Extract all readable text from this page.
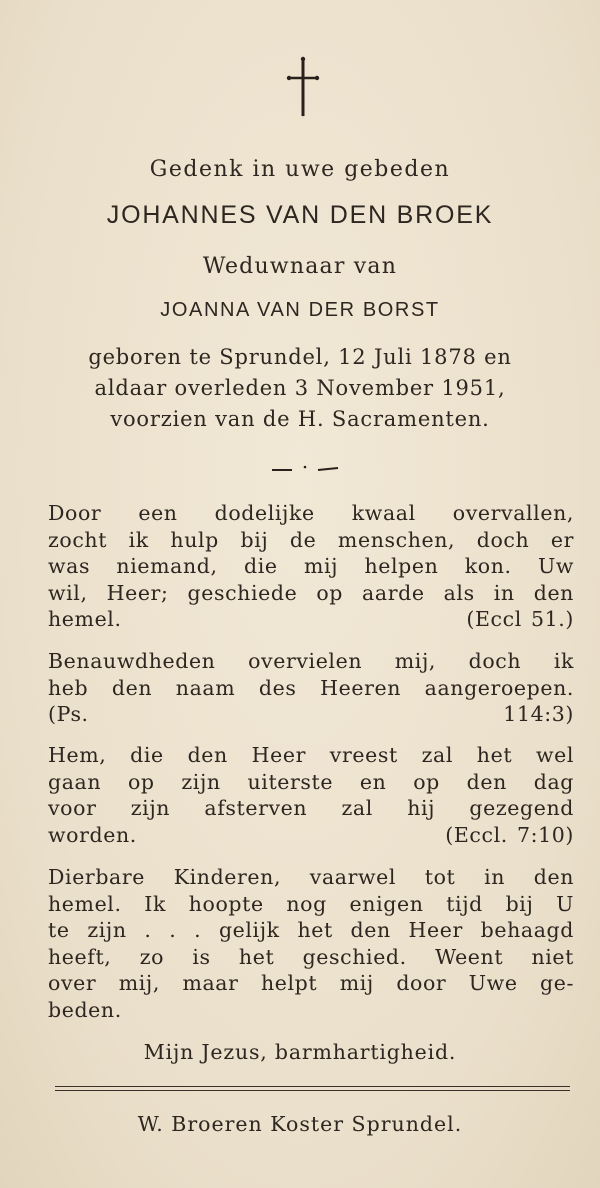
Gedenk in uwe gebeden
JOHANNES VAN DEN BROEK
Weduwnaar van
JOANNA VAN DER BORST
geboren te Sprundel, 12 Juli 1878 en
aldaar overleden 3 November 1951,
voorzien van de H. Sacramenten.
Door een dodelijke kwaal overvallen,
zocht ik hulp bij de menschen, doch er
was niemand, die mij helpen kon. Uw
wil, Heer; geschiede op aarde als in den
hemel.	(Eccl 51.)
Benauwdheden overvielen mij, doch ik
heb den naam des Heeren aangeroepen.
(Ps. 114:3)
Hem, die den Heer vreest zal het wel
gaan op zijn uiterste en op den dag
voor zijn afsterven zal hij gezegend
worden.	(Eccl. 7:10)
Dierbare Kinderen, vaarwel tot in den
hemel. Ik hoopte nog enigen tijd bij U
te zijn . . . gelijk het den Heer behaagd
heeft, zo is het geschied. Weent niet
over mij, maar helpt mij door Uwe ge-
beden.
Mijn Jezus, barmhartigheid.
W. Broeren Koster Sprundel.
